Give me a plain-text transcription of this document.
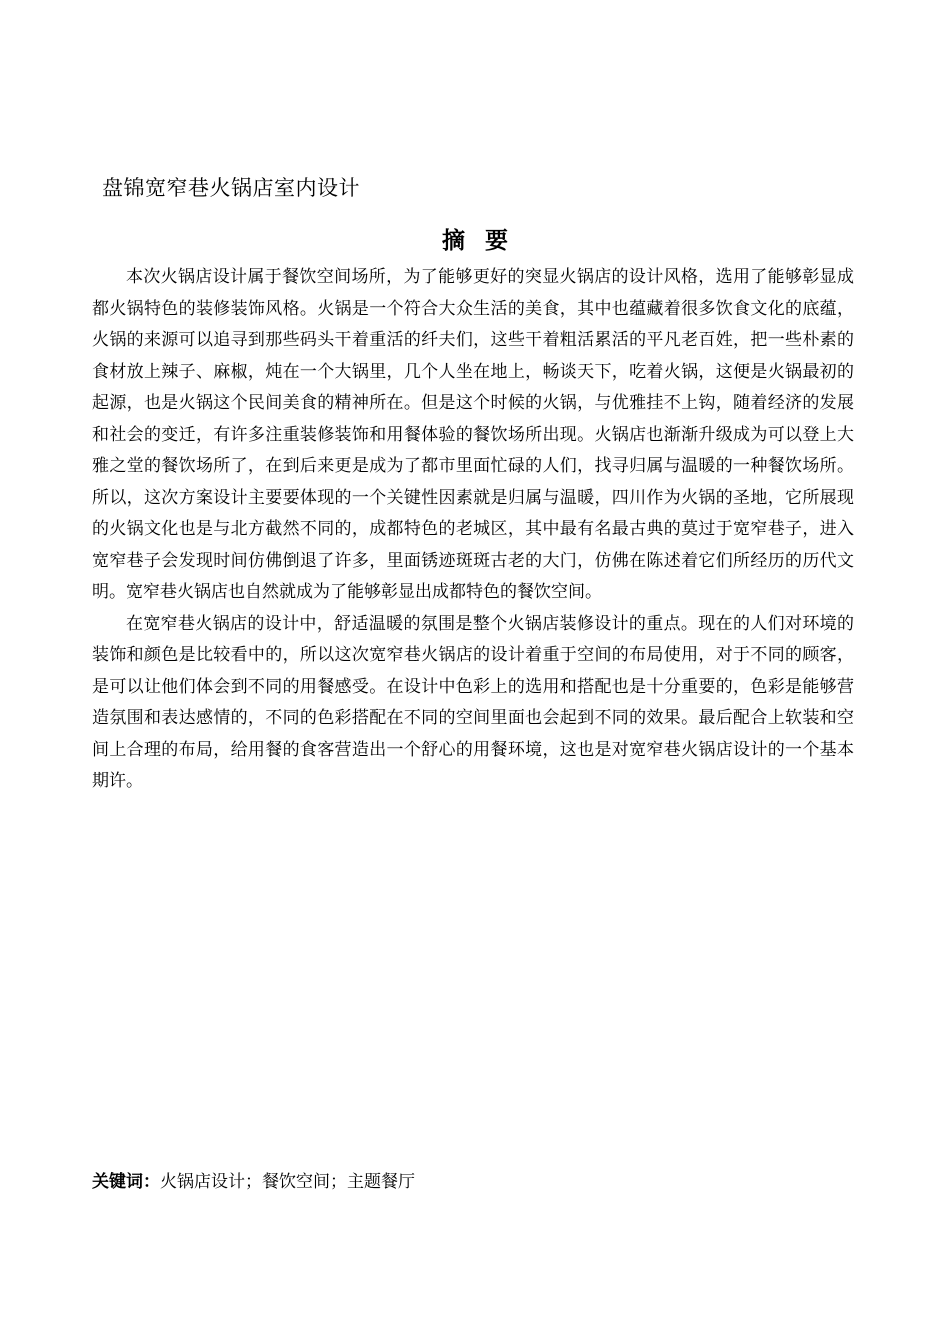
盘锦宽窄巷火锅店室内设计
摘要

本次火锅店设计属于餐饮空间场所，为了能够更好的突显火锅店的设计风格，选用了能够彰显成都火锅特色的装修装饰风格。火锅是一个符合大众生活的美食，其中也蕴藏着很多饮食文化的底蕴，火锅的来源可以追寻到那些码头干着重活的纤夫们，这些干着粗活累活的平凡老百姓，把一些朴素的食材放上辣子、麻椒，炖在一个大锅里，几个人坐在地上，畅谈天下，吃着火锅，这便是火锅最初的起源，也是火锅这个民间美食的精神所在。但是这个时候的火锅，与优雅挂不上钩，随着经济的发展和社会的变迁，有许多注重装修装饰和用餐体验的餐饮场所出现。火锅店也渐渐升级成为可以登上大雅之堂的餐饮场所了，在到后来更是成为了都市里面忙碌的人们，找寻归属与温暖的一种餐饮场所。所以，这次方案设计主要要体现的一个关键性因素就是归属与温暖，四川作为火锅的圣地，它所展现的火锅文化也是与北方截然不同的，成都特色的老城区，其中最有名最古典的莫过于宽窄巷子，进入宽窄巷子会发现时间仿佛倒退了许多，里面锈迹斑斑古老的大门，仿佛在陈述着它们所经历的历代文明。宽窄巷火锅店也自然就成为了能够彰显出成都特色的餐饮空间。

在宽窄巷火锅店的设计中，舒适温暖的氛围是整个火锅店装修设计的重点。现在的人们对环境的装饰和颜色是比较看中的，所以这次宽窄巷火锅店的设计着重于空间的布局使用，对于不同的顾客，是可以让他们体会到不同的用餐感受。在设计中色彩上的选用和搭配也是十分重要的，色彩是能够营造氛围和表达感情的，不同的色彩搭配在不同的空间里面也会起到不同的效果。最后配合上软装和空间上合理的布局，给用餐的食客营造出一个舒心的用餐环境，这也是对宽窄巷火锅店设计的一个基本期许。

关键词：火锅店设计；餐饮空间；主题餐厅
